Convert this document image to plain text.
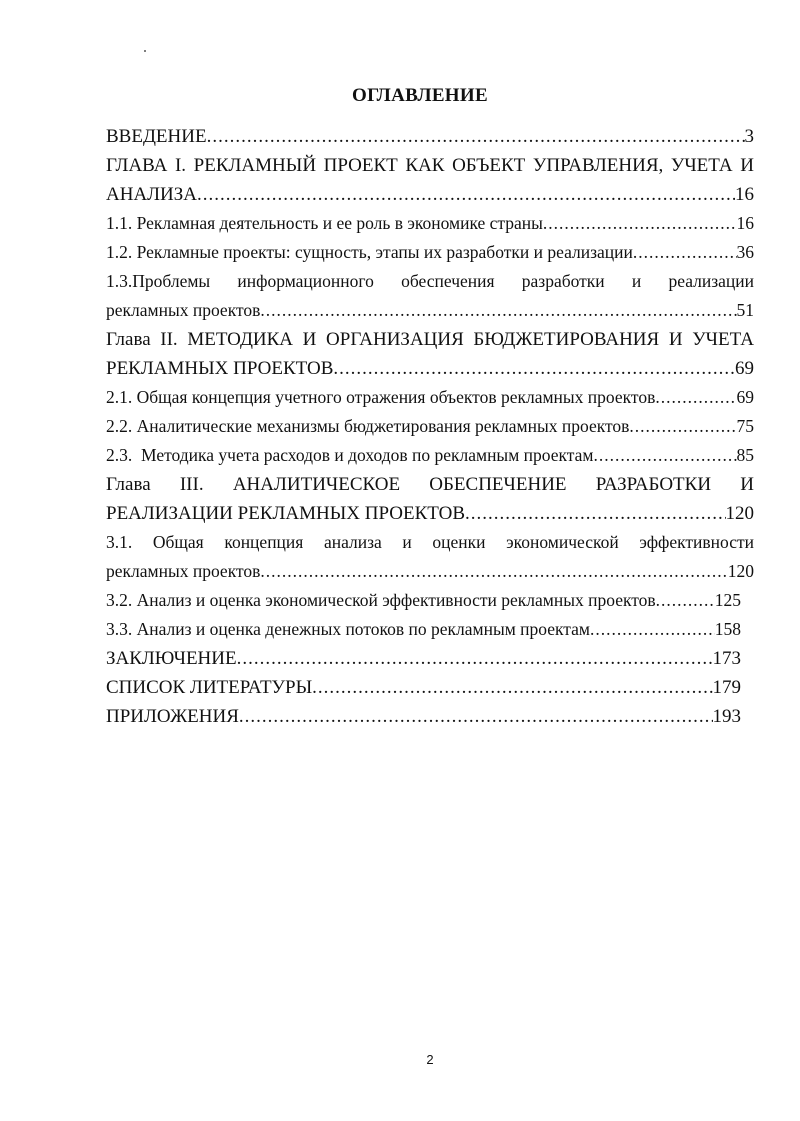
ОГЛАВЛЕНИЕ
ВВЕДЕНИЕ .....	3
ГЛАВА I. РЕКЛАМНЫЙ ПРОЕКТ КАК ОБЪЕКТ УПРАВЛЕНИЯ, УЧЕТА И
АНАЛИЗА .....	16
1.1. Рекламная деятельность и ее роль в экономике страны .....	16
1.2. Рекламные проекты: сущность, этапы их разработки и реализации .....	36
1.3.Проблемы информационного обеспечения разработки и реализации
рекламных проектов .....	51
Глава II. МЕТОДИКА И ОРГАНИЗАЦИЯ БЮДЖЕТИРОВАНИЯ И УЧЕТА
РЕКЛАМНЫХ ПРОЕКТОВ .....	69
2.1. Общая концепция учетного отражения объектов рекламных проектов .....	69
2.2. Аналитические механизмы бюджетирования рекламных проектов .....	75
2.3.  Методика учета расходов и доходов по рекламным проектам .....	85
Глава III. АНАЛИТИЧЕСКОЕ ОБЕСПЕЧЕНИЕ РАЗРАБОТКИ И
РЕАЛИЗАЦИИ РЕКЛАМНЫХ ПРОЕКТОВ .....	120
3.1. Общая концепция анализа и оценки экономической эффективности
рекламных проектов .....	120
3.2. Анализ и оценка экономической эффективности рекламных проектов .....	125
3.3. Анализ и оценка денежных потоков по рекламным проектам .....	158
ЗАКЛЮЧЕНИЕ .....	173
СПИСОК ЛИТЕРАТУРЫ .....	179
ПРИЛОЖЕНИЯ .....	193
2
